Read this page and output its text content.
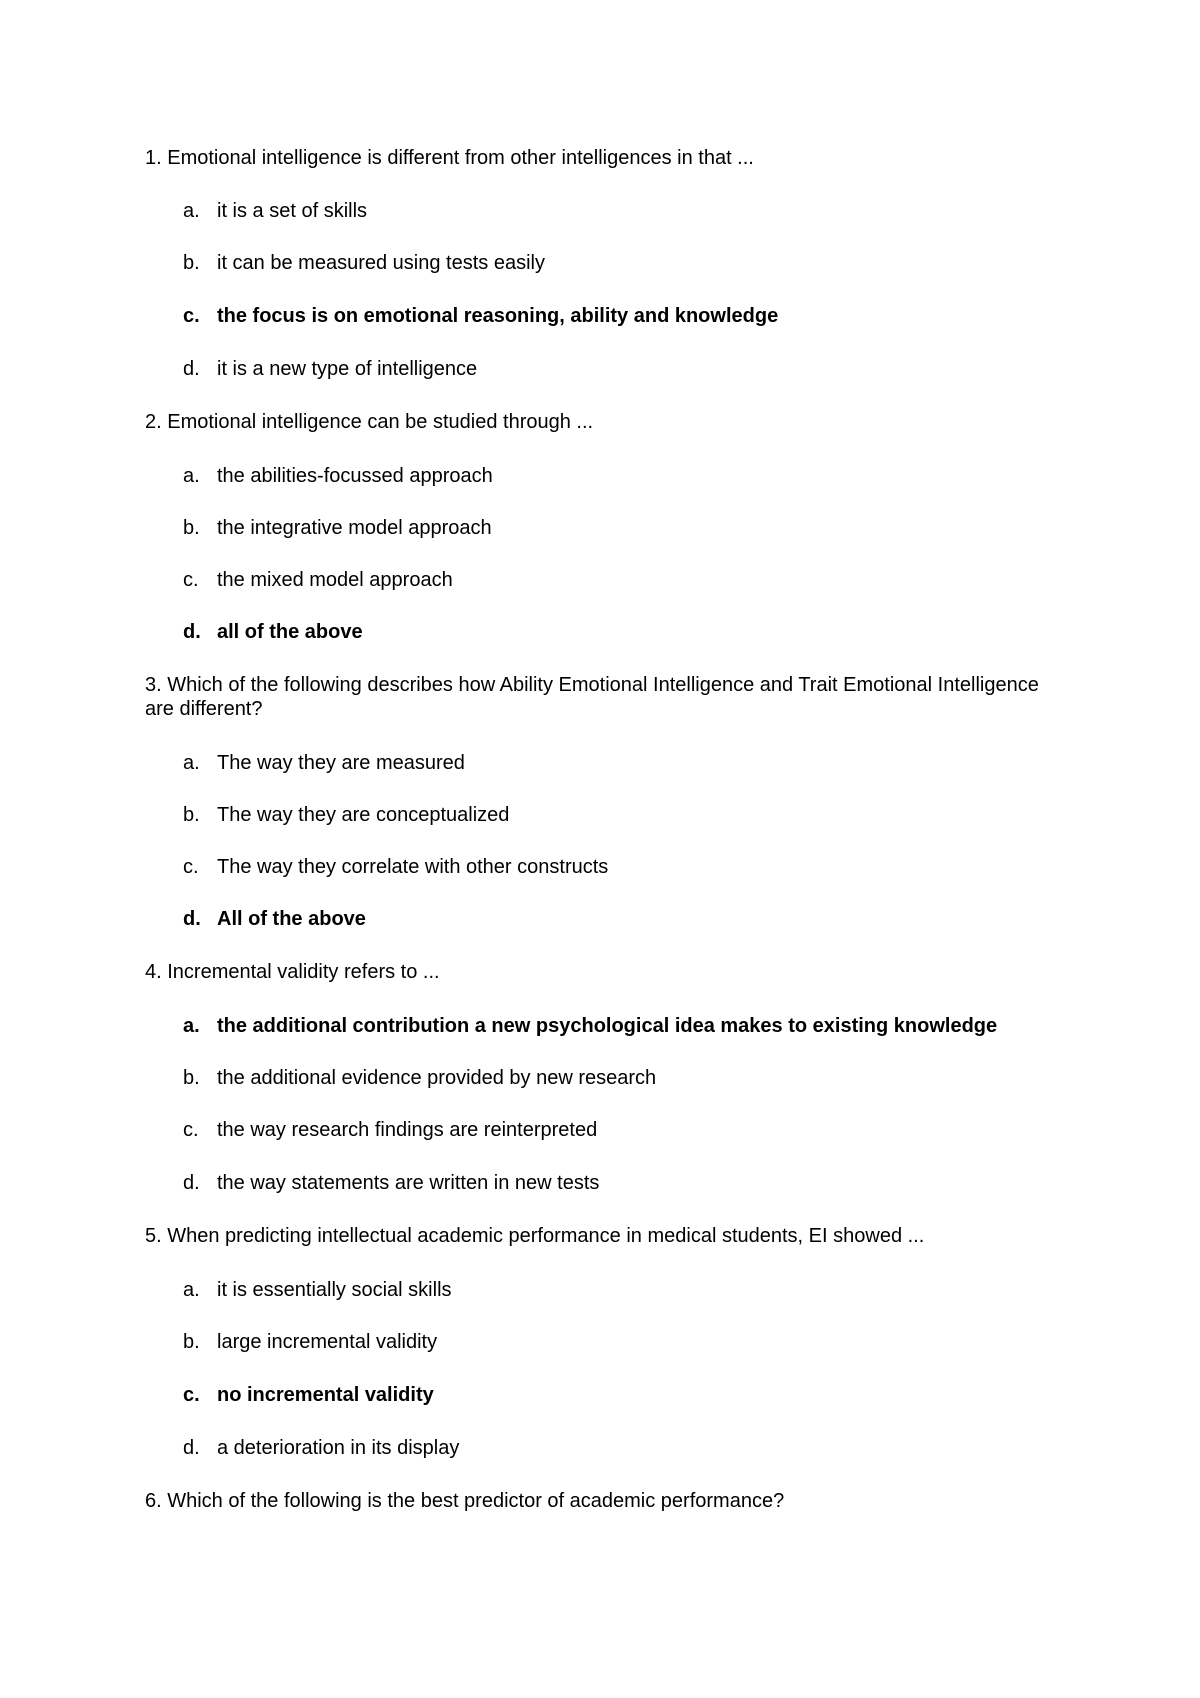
1. Emotional intelligence is different from other intelligences in that ...
a. it is a set of skills
b. it can be measured using tests easily
c. the focus is on emotional reasoning, ability and knowledge
d. it is a new type of intelligence
2. Emotional intelligence can be studied through ...
a. the abilities-focussed approach
b. the integrative model approach
c. the mixed model approach
d. all of the above
3. Which of the following describes how Ability Emotional Intelligence and Trait Emotional Intelligence are different?
a. The way they are measured
b. The way they are conceptualized
c. The way they correlate with other constructs
d. All of the above
4. Incremental validity refers to ...
a. the additional contribution a new psychological idea makes to existing knowledge
b. the additional evidence provided by new research
c. the way research findings are reinterpreted
d. the way statements are written in new tests
5. When predicting intellectual academic performance in medical students, EI showed ...
a. it is essentially social skills
b. large incremental validity
c. no incremental validity
d. a deterioration in its display
6. Which of the following is the best predictor of academic performance?
